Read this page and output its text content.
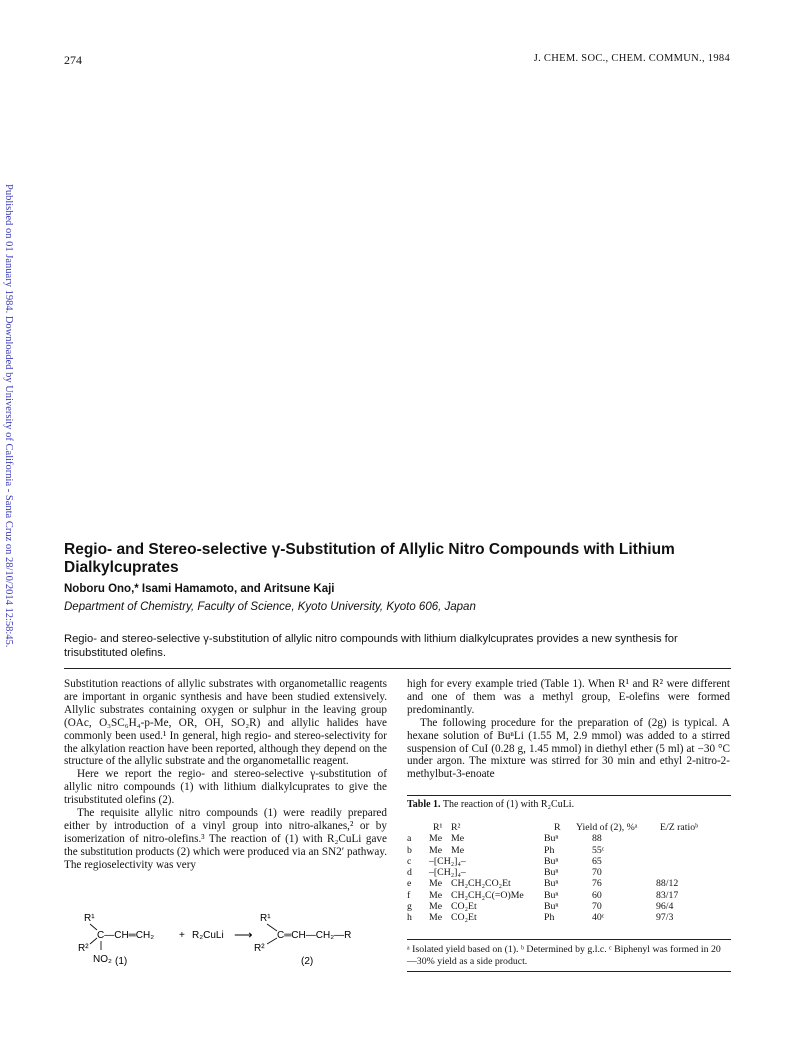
Published on 01 January 1984. Downloaded by University of California - Santa Cruz on 28/10/2014 12:58:45.
274	J. CHEM. SOC., CHEM. COMMUN., 1984
Regio- and Stereo-selective γ-Substitution of Allylic Nitro Compounds with Lithium Dialkylcuprates
Noboru Ono,* Isami Hamamoto, and Aritsune Kaji
Department of Chemistry, Faculty of Science, Kyoto University, Kyoto 606, Japan
Regio- and stereo-selective γ-substitution of allylic nitro compounds with lithium dialkylcuprates provides a new synthesis for trisubstituted olefins.

Substitution reactions of allylic substrates with organometallic reagents are important in organic synthesis and have been studied extensively. Allylic substrates containing oxygen or sulphur in the leaving group (OAc, O₃SC₆H₄-p-Me, OR, OH, SO₂R) and allylic halides have commonly been used.¹ In general, high regio- and stereo-selectivity for the alkylation reaction have been reported, although they depend on the structure of the allylic substrate and the organometallic reagent.

Here we report the regio- and stereo-selective γ-substitution of allylic nitro compounds (1) with lithium dialkylcuprates to give the trisubstituted olefins (2).

The requisite allylic nitro compounds (1) were readily prepared either by introduction of a vinyl group into nitro-alkanes,² or by isomerization of nitro-olefins.³ The reaction of (1) with R₂CuLi gave the substitution products (2) which were produced via an SN2′ pathway. The regioselectivity was very

high for every example tried (Table 1). When R¹ and R² were different and one of them was a methyl group, E-olefins were formed predominantly.

The following procedure for the preparation of (2g) is typical. A hexane solution of BuⁿLi (1.55 M, 2.9 mmol) was added to a stirred suspension of CuI (0.28 g, 1.45 mmol) in diethyl ether (5 ml) at −30 °C under argon. The mixture was stirred for 30 min and ethyl 2-nitro-2-methylbut-3-enoate

R¹
R²
C—CH═CH₂
NO₂ (1)
+ R₂CuLi ⟶
R¹
R²
C═CH—CH₂—R
(2)
Table 1. The reaction of (1) with R₂CuLi.
	R¹	R²	R	Yield of (2), %ᵃ	E/Z ratioᵇ
a	Me	Me	Buⁿ	88	
b	Me	Me	Ph	55ᶜ	
c	–[CH₂]₄–		Buⁿ	65	
d	–[CH₂]₄–		Buⁿ	70	
e	Me	CH₂CH₂CO₂Et	Buⁿ	76	88/12
f	Me	CH₂CH₂C(=O)Me	Buⁿ	60	83/17
g	Me	CO₂Et	Buⁿ	70	96/4
h	Me	CO₂Et	Ph	40ᶜ	97/3
ᵃ Isolated yield based on (1). ᵇ Determined by g.l.c. ᶜ Biphenyl was formed in 20—30% yield as a side product.
